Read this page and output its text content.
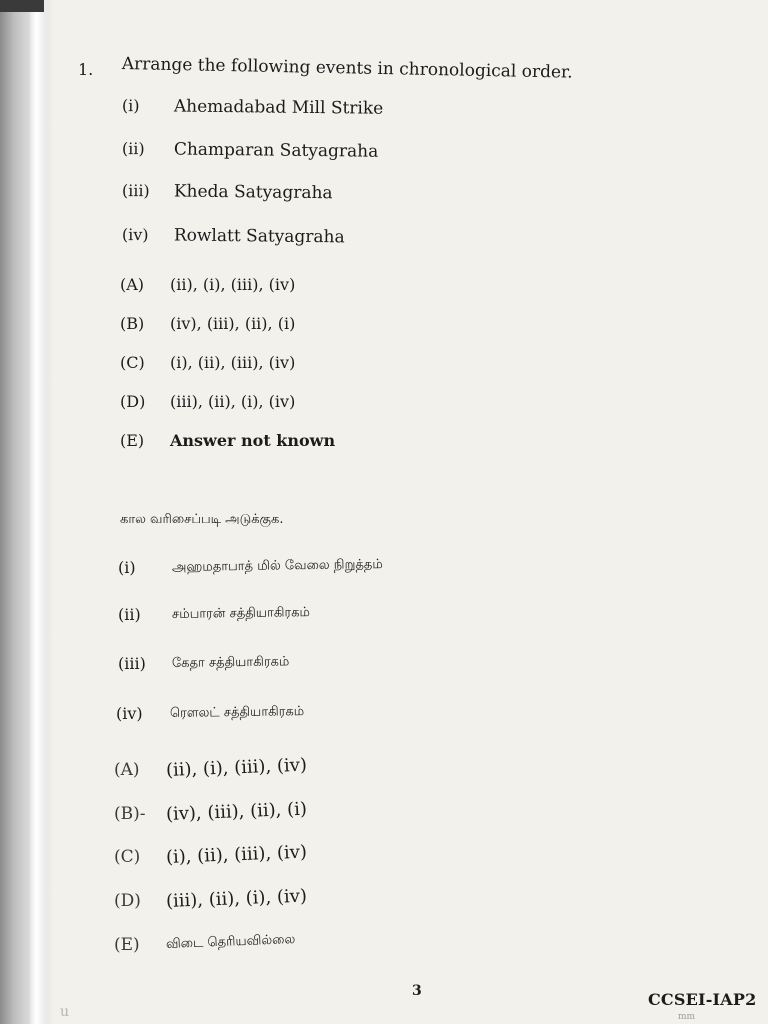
1. Arrange the following events in chronological order.
(i) Ahemadabad Mill Strike
(ii) Champaran Satyagraha
(iii) Kheda Satyagraha
(iv) Rowlatt Satyagraha
(A) (ii), (i), (iii), (iv)
(B) (iv), (iii), (ii), (i)
(C) (i), (ii), (iii), (iv)
(D) (iii), (ii), (i), (iv)
(E) Answer not known
கால வரிசைப்படி அடுக்குக.
(i)	அஹமதாபாத் மில் வேலை நிறுத்தம்
(ii) சம்பாரன் சத்தியாகிரகம்
(iii) கேதா சத்தியாகிரகம்
(iv) ரௌலட் சத்தியாகிரகம்
(A) (ii), (i), (iii), (iv)
(B)- (iv), (iii), (ii), (i)
(C) (i), (ii), (iii), (iv)
(D) (iii), (ii), (i), (iv)
(E) விடை தெரியவில்லை
3	CCSEI-IAP2
u	mm
